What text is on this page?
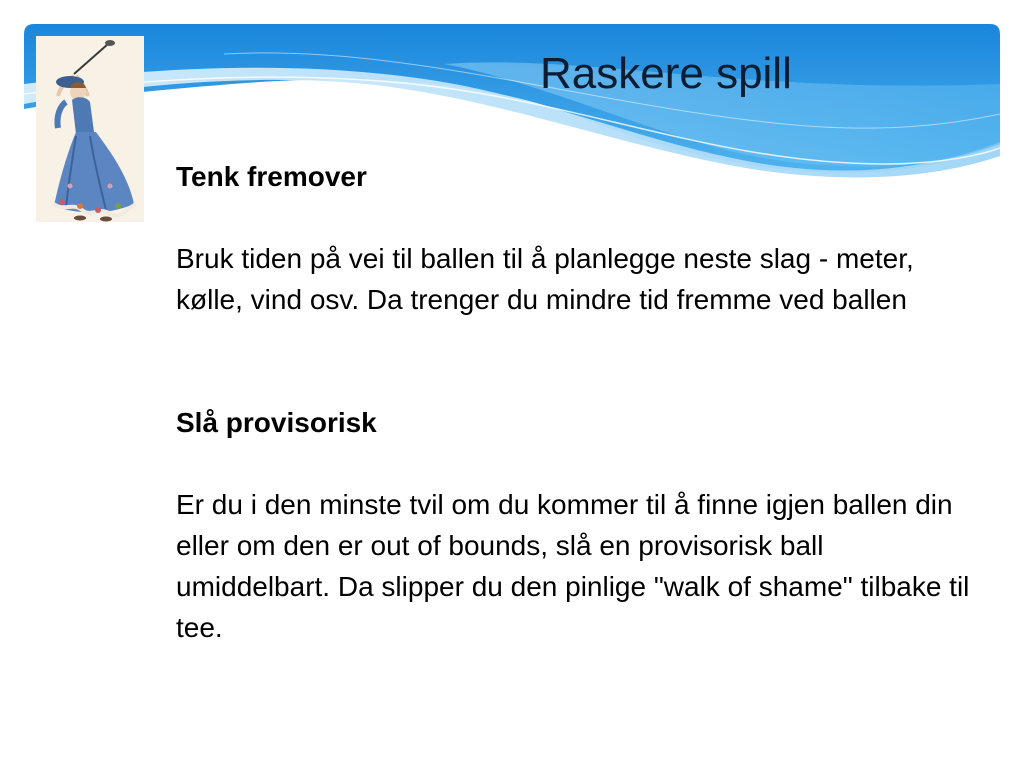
Raskere spill

Tenk fremover

Bruk tiden på vei til ballen til å planlegge neste slag - meter, kølle, vind osv. Da trenger du mindre tid fremme ved ballen

Slå provisorisk

Er du i den minste tvil om du kommer til å finne igjen ballen din eller om den er out of bounds, slå en provisorisk ball umiddelbart. Da slipper du den pinlige "walk of shame" tilbake til tee.
